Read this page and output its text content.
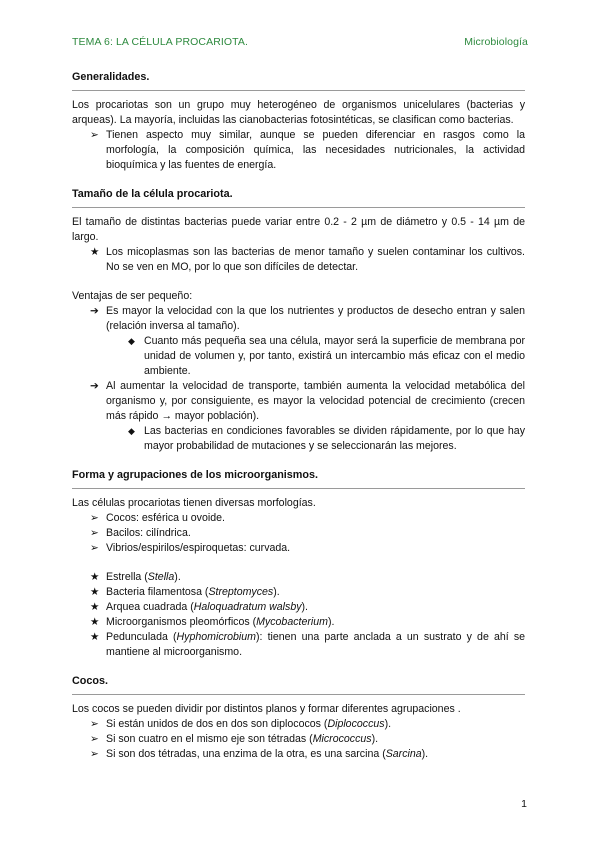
TEMA 6: LA CÉLULA PROCARIOTA.	Microbiología
Generalidades.

Los procariotas son un grupo muy heterogéneo de organismos unicelulares (bacterias y arqueas). La mayoría, incluidas las cianobacterias fotosintéticas, se clasifican como bacterias.

➢ Tienen aspecto muy similar, aunque se pueden diferenciar en rasgos como la morfología, la composición química, las necesidades nutricionales, la actividad bioquímica y las fuentes de energía.
Tamaño de la célula procariota.

El tamaño de distintas bacterias puede variar entre 0.2 - 2 µm de diámetro y 0.5 - 14 µm de largo.

★ Los micoplasmas son las bacterias de menor tamaño y suelen contaminar los cultivos. No se ven en MO, por lo que son difíciles de detectar.

Ventajas de ser pequeño:

➔ Es mayor la velocidad con la que los nutrientes y productos de desecho entran y salen (relación inversa al tamaño).
◆ Cuanto más pequeña sea una célula, mayor será la superficie de membrana por unidad de volumen y, por tanto, existirá un intercambio más eficaz con el medio ambiente.
➔ Al aumentar la velocidad de transporte, también aumenta la velocidad metabólica del organismo y, por consiguiente, es mayor la velocidad potencial de crecimiento (crecen más rápido → mayor población).
◆ Las bacterias en condiciones favorables se dividen rápidamente, por lo que hay mayor probabilidad de mutaciones y se seleccionarán las mejores.
Forma y agrupaciones de los microorganismos.

Las células procariotas tienen diversas morfologías.

➢ Cocos: esférica u ovoide.
➢ Bacilos: cilíndrica.
➢ Vibrios/espirilos/espiroquetas: curvada.
★ Estrella (Stella).
★ Bacteria filamentosa (Streptomyces).
★ Arquea cuadrada (Haloquadratum walsby).
★ Microorganismos pleomórficos (Mycobacterium).
★ Pedunculada (Hyphomicrobium): tienen una parte anclada a un sustrato y de ahí se mantiene al microorganismo.
Cocos.

Los cocos se pueden dividir por distintos planos y formar diferentes agrupaciones .

➢ Si están unidos de dos en dos son diplococos (Diplococcus).
➢ Si son cuatro en el mismo eje son tétradas (Micrococcus).
➢ Si son dos tétradas, una enzima de la otra, es una sarcina (Sarcina).
1
